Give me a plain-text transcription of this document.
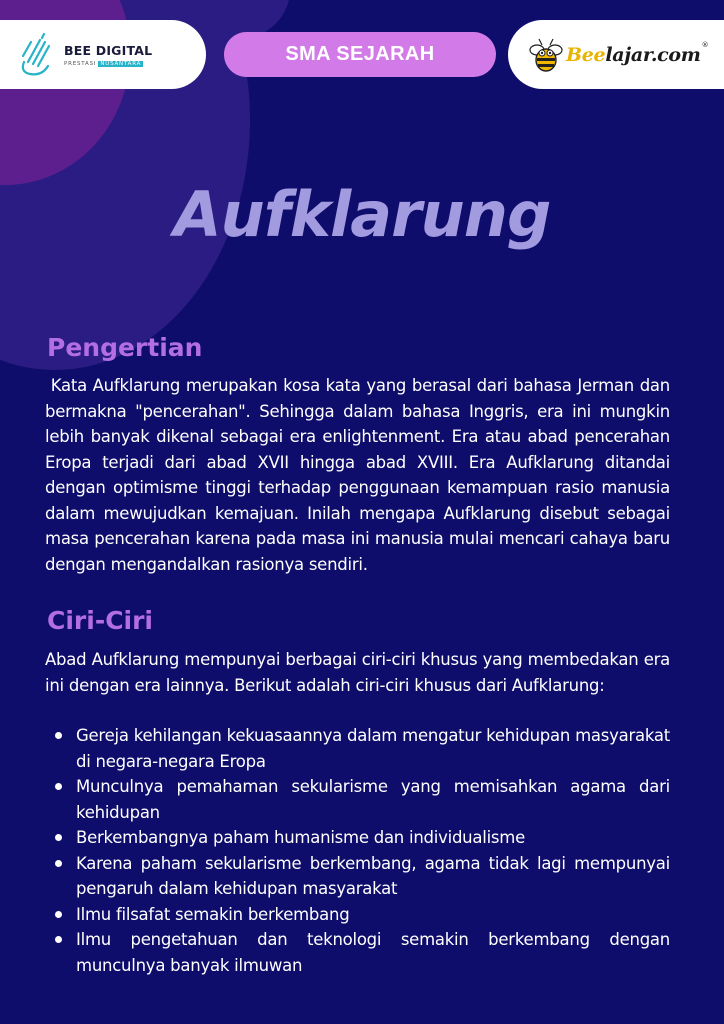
BEE DIGITAL
PRESTASI NUSANTARA	SMA SEJARAH	Beelajar.com ®
Aufklarung
Pengertian

Kata Aufklarung merupakan kosa kata yang berasal dari bahasa Jerman dan bermakna "pencerahan". Sehingga dalam bahasa Inggris, era ini mungkin lebih banyak dikenal sebagai era enlightenment. Era atau abad pencerahan Eropa terjadi dari abad XVII hingga abad XVIII. Era Aufklarung ditandai dengan optimisme tinggi terhadap penggunaan kemampuan rasio manusia dalam mewujudkan kemajuan. Inilah mengapa Aufklarung disebut sebagai masa pencerahan karena pada masa ini manusia mulai mencari cahaya baru dengan mengandalkan rasionya sendiri.

Ciri-Ciri

Abad Aufklarung mempunyai berbagai ciri-ciri khusus yang membedakan era ini dengan era lainnya. Berikut adalah ciri-ciri khusus dari Aufklarung:

Gereja kehilangan kekuasaannya dalam mengatur kehidupan masyarakat di negara-negara Eropa
Munculnya pemahaman sekularisme yang memisahkan agama dari kehidupan
Berkembangnya paham humanisme dan individualisme
Karena paham sekularisme berkembang, agama tidak lagi mempunyai pengaruh dalam kehidupan masyarakat
Ilmu filsafat semakin berkembang
Ilmu pengetahuan dan teknologi semakin berkembang dengan munculnya banyak ilmuwan
